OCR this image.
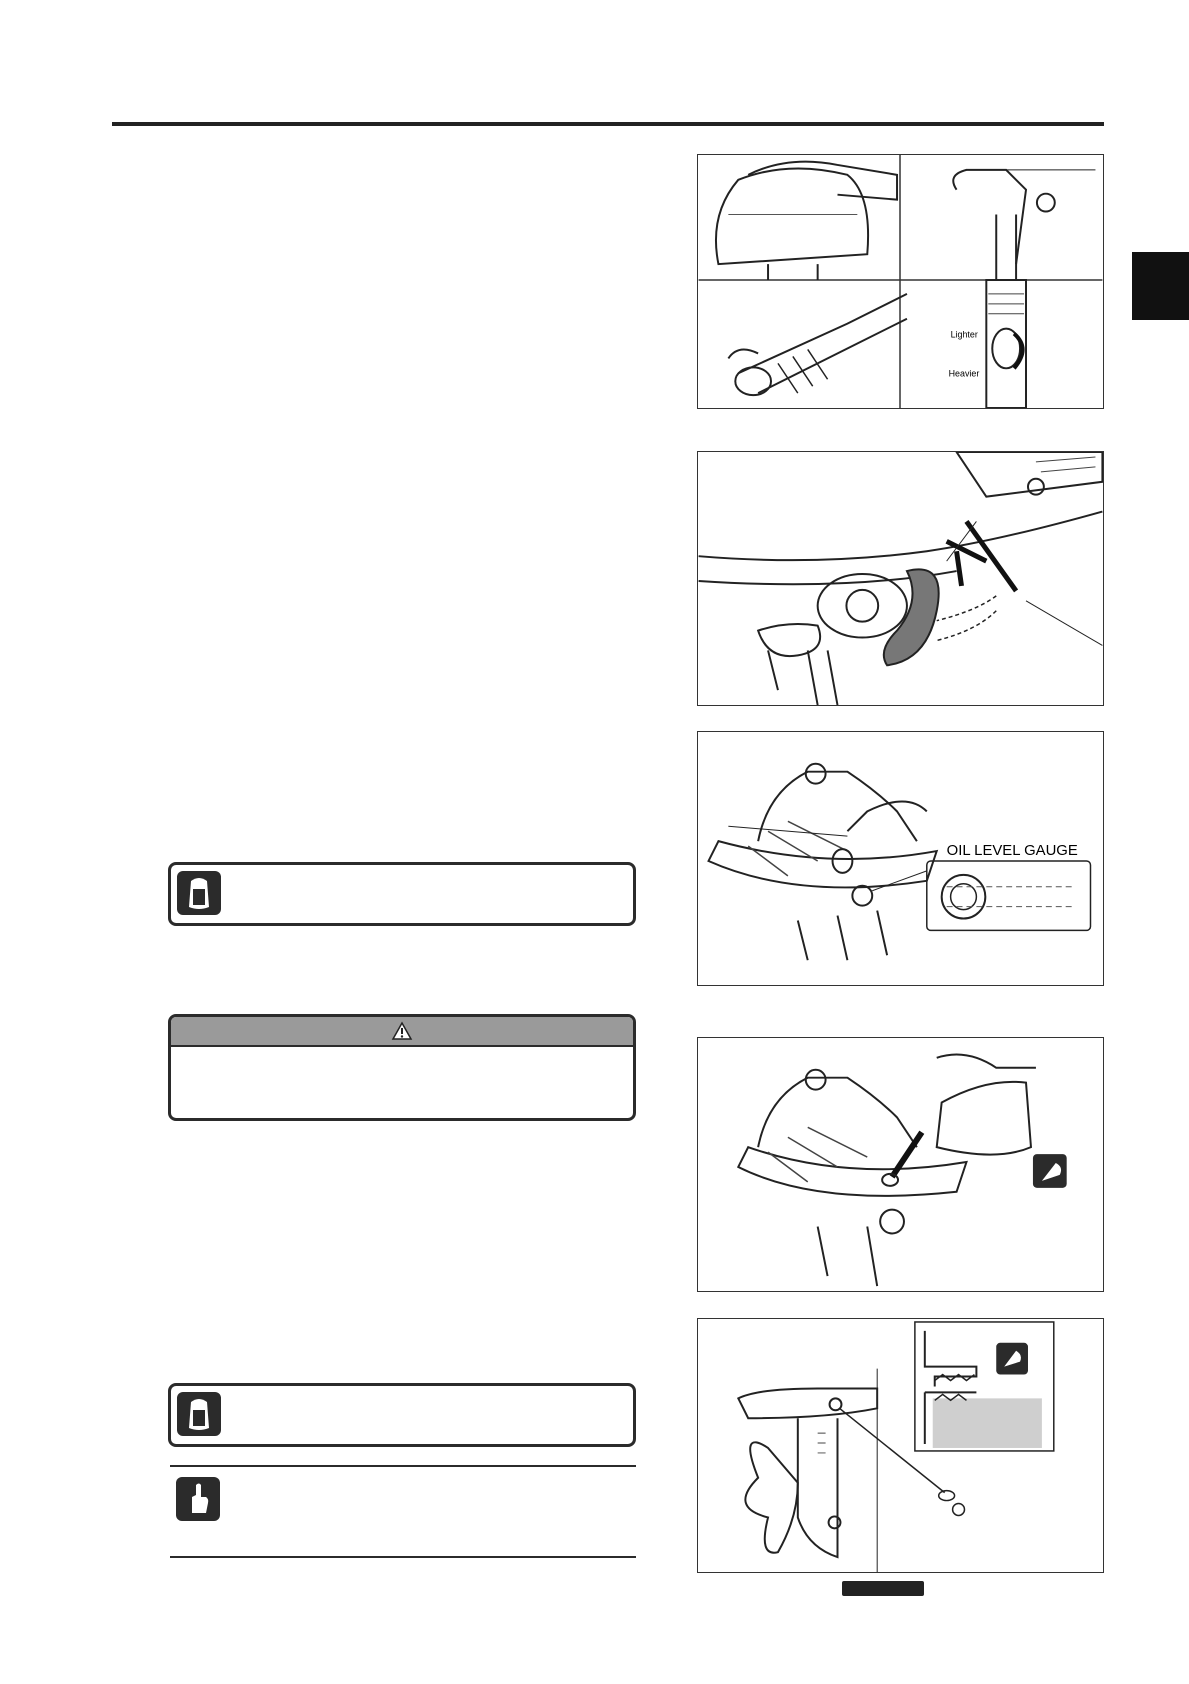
Lighter
Heavier
OIL LEVEL GAUGE
